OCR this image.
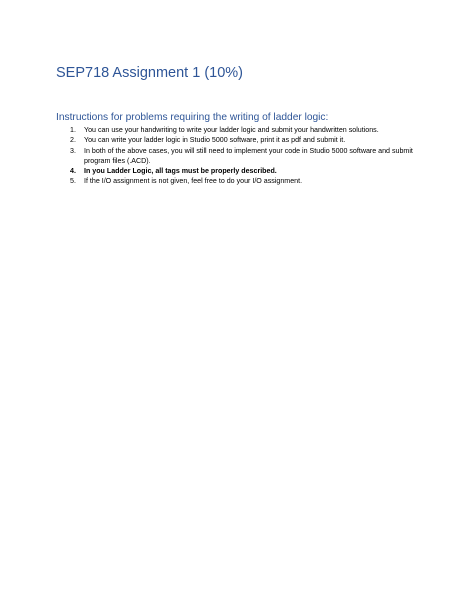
SEP718 Assignment 1 (10%)
Instructions for problems requiring the writing of ladder logic:
1. You can use your handwriting to write your ladder logic and submit your handwritten solutions.
2. You can write your ladder logic in Studio 5000 software, print it as pdf and submit it.
3. In both of the above cases, you will still need to implement your code in Studio 5000 software and submit program files (.ACD).
4. In you Ladder Logic, all tags must be properly described.
5. If the I/O assignment is not given, feel free to do your I/O assignment.
